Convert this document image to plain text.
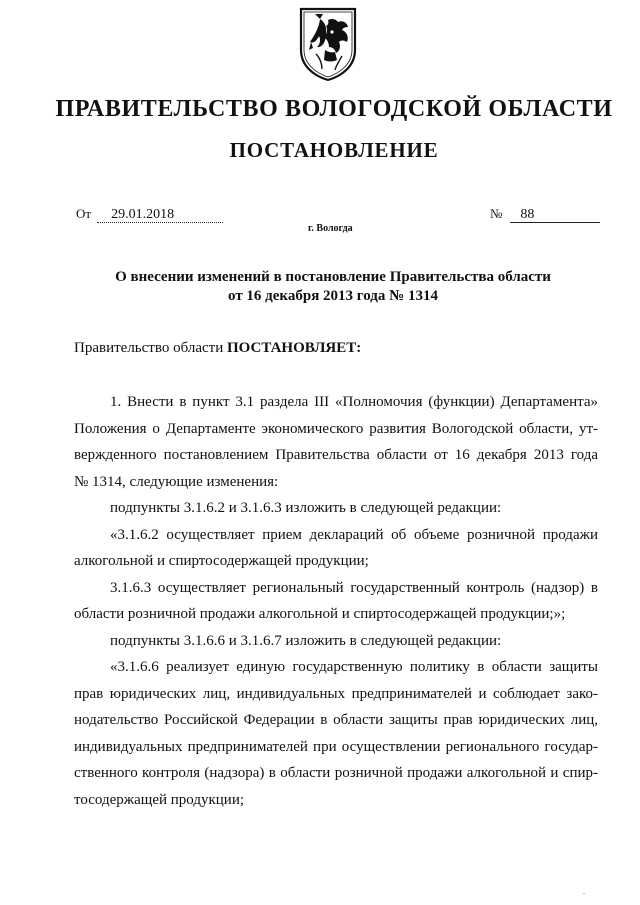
ПРАВИТЕЛЬСТВО ВОЛОГОДСКОЙ ОБЛАСТИ
ПОСТАНОВЛЕНИЕ
От 29.01.2018	№ 88
г. Вологда
О внесении изменений в постановление Правительства области
от 16 декабря 2013 года № 1314
Правительство области ПОСТАНОВЛЯЕТ:
1. Внести в пункт 3.1 раздела III «Полномочия (функции) Департамента»
Положения о Департаменте экономического развития Вологодской области, ут-
вержденного постановлением Правительства области от 16 декабря 2013 года
№ 1314, следующие изменения:
подпункты 3.1.6.2 и 3.1.6.3 изложить в следующей редакции:
«3.1.6.2 осуществляет прием деклараций об объеме розничной продажи
алкогольной и спиртосодержащей продукции;
3.1.6.3 осуществляет региональный государственный контроль (надзор) в
области розничной продажи алкогольной и спиртосодержащей продукции;»;
подпункты 3.1.6.6 и 3.1.6.7 изложить в следующей редакции:
«3.1.6.6 реализует единую государственную политику в области защиты
прав юридических лиц, индивидуальных предпринимателей и соблюдает зако-
нодательство Российской Федерации в области защиты прав юридических лиц,
индивидуальных предпринимателей при осуществлении регионального государ-
ственного контроля (надзора) в области розничной продажи алкогольной и спир-
тосодержащей продукции;
.
